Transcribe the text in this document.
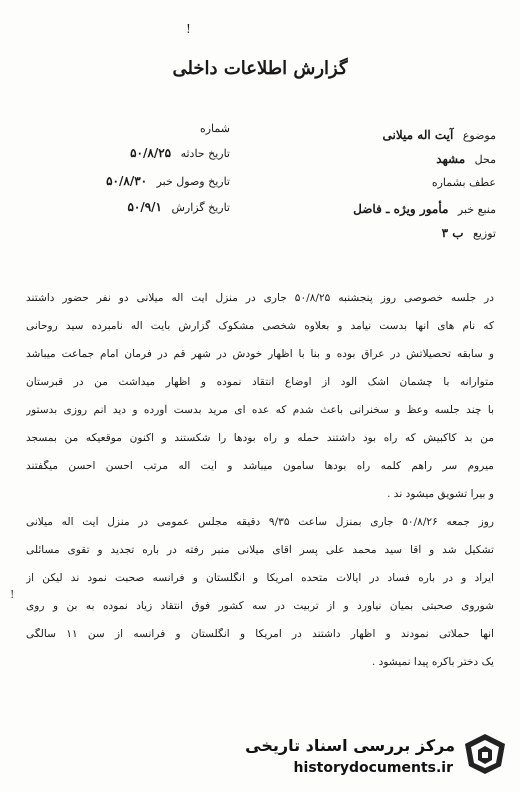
!
گزارش اطلاعات داخلی
موضوع آیت اله میلانی
محل مشهد
عطف بشماره
منبع خبر مأمور ویژه ـ فاضل
توزیع ب ۳
شماره
تاریخ حادثه ۵۰/۸/۲۵
تاریخ وصول خبر ۵۰/۸/۳۰
تاریخ گزارش ۵۰/۹/۱
در جلسه خصوصی روز پنجشنبه ۵۰/۸/۲۵ جاری در منزل آیت اله میلانی دو نفر حضور داشتند
که نام های آنها بدست نیامد و بعلاوه شخصی مشکوک گزارش بآیت اله نامبرده سید روحانی
و سابقه تحصیلاتش در عراق بوده و بنا با اظهار خودش در شهر قم در فرمان امام جماعت میباشد
متوارانه با چشمان اشک آلود از اوضاع انتقاد نموده و اظهار میداشت من در قبرستان
با چند جلسه وعظ و سخنرانی باعث شدم که عده ای مرید بدست آورده و دید انم روزی بدستور
من بد کاکبیش که راه بود داشتند حمله و راه بودها را شکستند و اکنون موقعیکه من بمسجد
میروم سر راهم کلمه راه بودها سامون میباشد و آیت اله مرتب احسن احسن میگفتند
و بیرا تشویق میشود ند .
روز جمعه ۵۰/۸/۲۶ جاری بمنزل ساعت ۹/۳۵ دقیقه مجلس عمومی در منزل آیت اله میلانی
تشکیل شد و آقا سید محمد علی پسر آقای میلانی منبر رفته در باره تجدید و تقوی مسائلی
ایراد و در باره فساد در ایالات متحده امریکا و انگلستان و فرانسه صحبت نمود ند لیکن از
شوروی صحبتی بمیان نیاورد و از تربیت در سه کشور فوق انتقاد زیاد نموده به بن و روی
آنها حملاتی نمودند و اظهار داشتند در امریکا و انگلستان و فرانسه از سن ۱۱ سالگی
یک دختر باکره پیدا نمیشود .
!
مرکز بررسی اسناد تاریخی
historydocuments.ir
